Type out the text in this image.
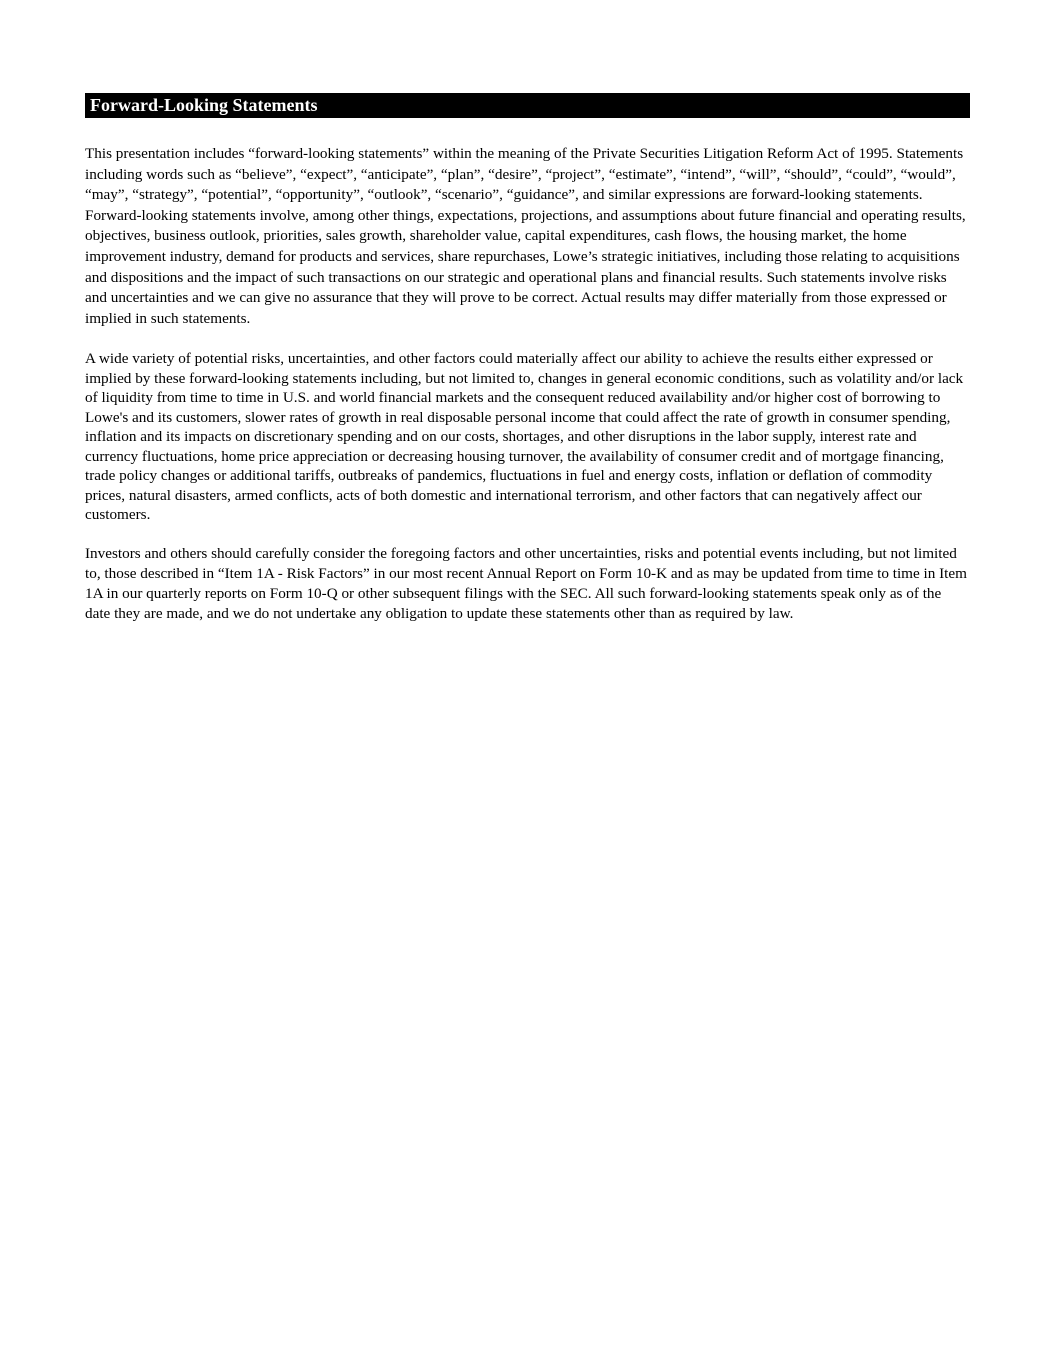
Forward-Looking Statements

This presentation includes “forward-looking statements” within the meaning of the Private Securities Litigation Reform Act of 1995. Statements including words such as “believe”, “expect”, “anticipate”, “plan”, “desire”, “project”, “estimate”, “intend”, “will”, “should”, “could”, “would”, “may”, “strategy”, “potential”, “opportunity”, “outlook”, “scenario”, “guidance”, and similar expressions are forward-looking statements. Forward-looking statements involve, among other things, expectations, projections, and assumptions about future financial and operating results, objectives, business outlook, priorities, sales growth, shareholder value, capital expenditures, cash flows, the housing market, the home improvement industry, demand for products and services, share repurchases, Lowe’s strategic initiatives, including those relating to acquisitions and dispositions and the impact of such transactions on our strategic and operational plans and financial results. Such statements involve risks and uncertainties and we can give no assurance that they will prove to be correct. Actual results may differ materially from those expressed or implied in such statements.

A wide variety of potential risks, uncertainties, and other factors could materially affect our ability to achieve the results either expressed or implied by these forward-looking statements including, but not limited to, changes in general economic conditions, such as volatility and/or lack of liquidity from time to time in U.S. and world financial markets and the consequent reduced availability and/or higher cost of borrowing to Lowe's and its customers, slower rates of growth in real disposable personal income that could affect the rate of growth in consumer spending, inflation and its impacts on discretionary spending and on our costs, shortages, and other disruptions in the labor supply, interest rate and currency fluctuations, home price appreciation or decreasing housing turnover, the availability of consumer credit and of mortgage financing, trade policy changes or additional tariffs, outbreaks of pandemics, fluctuations in fuel and energy costs, inflation or deflation of commodity prices, natural disasters, armed conflicts, acts of both domestic and international terrorism, and other factors that can negatively affect our customers.

Investors and others should carefully consider the foregoing factors and other uncertainties, risks and potential events including, but not limited to, those described in “Item 1A - Risk Factors” in our most recent Annual Report on Form 10-K and as may be updated from time to time in Item 1A in our quarterly reports on Form 10-Q or other subsequent filings with the SEC. All such forward-looking statements speak only as of the date they are made, and we do not undertake any obligation to update these statements other than as required by law.
